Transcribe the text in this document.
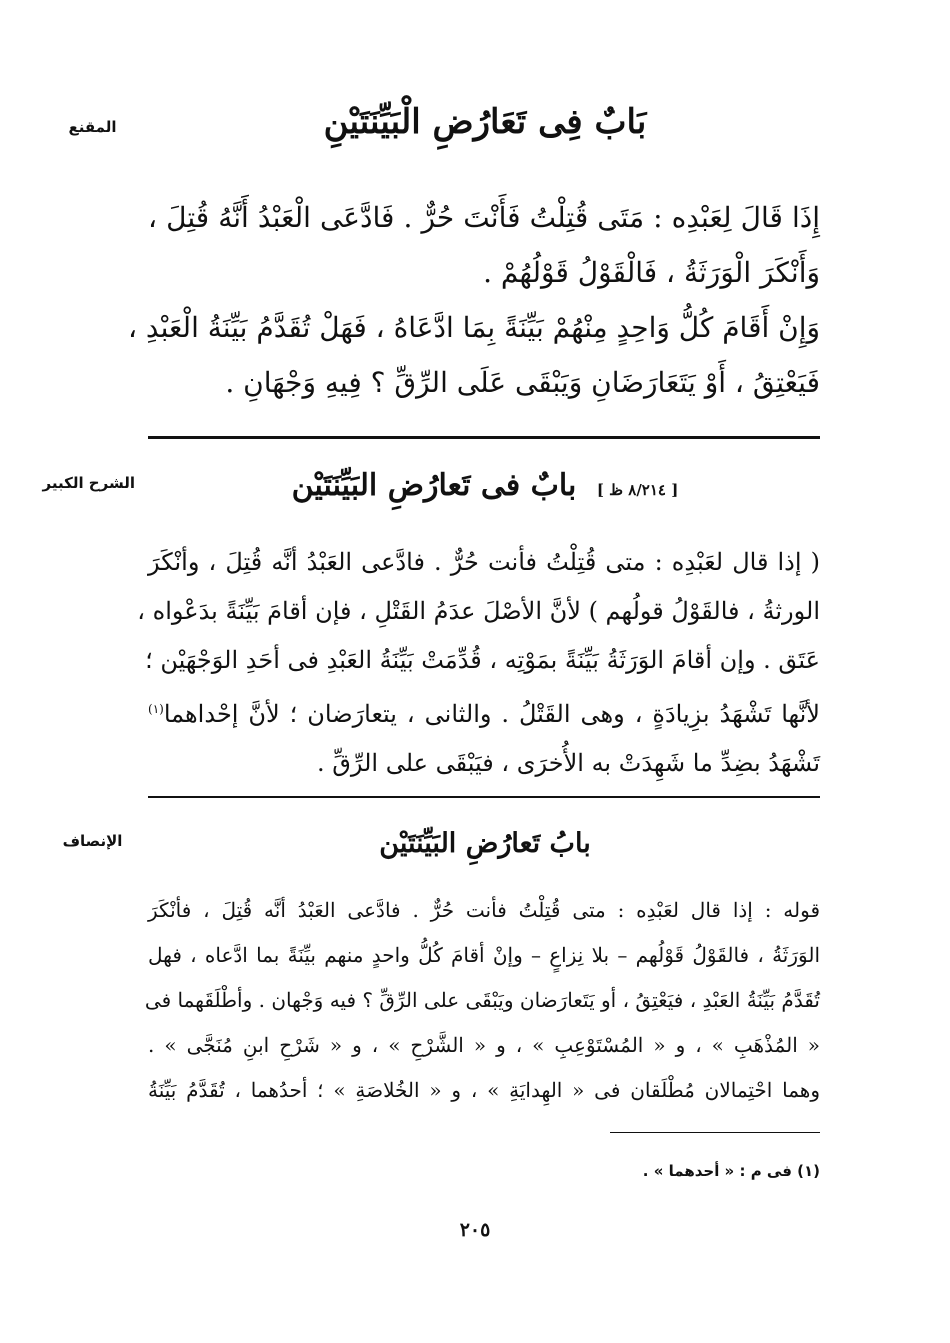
المقنع	بَابٌ فِى تَعَارُضِ الْبَيِّنَتَيْنِ
إِذَا قَالَ لِعَبْدِه : مَتَى قُتِلْتُ فَأَنْتَ حُرٌّ . فَادَّعَى الْعَبْدُ أَنَّهُ قُتِلَ ،
وَأَنْكَرَ الْوَرَثَةُ ، فَالْقَوْلُ قَوْلُهُمْ .
وَإِنْ أَقَامَ كُلُّ وَاحِدٍ مِنْهُمْ بَيِّنَةً بِمَا ادَّعَاهُ ، فَهَلْ تُقَدَّمُ بَيِّنَةُ الْعَبْدِ ،
فَيَعْتِقُ ، أَوْ يَتَعَارَضَانِ وَيَبْقَى عَلَى الرِّقِّ ؟ فِيهِ وَجْهَانِ .
الشرح الكبير	[ ٨/٢١٤ ظ ] بابٌ فى تَعارُضِ البَيِّنَتَيْن
( إذا قال لعَبْدِه : متى قُتِلْتُ فأنت حُرٌّ . فادَّعى العَبْدُ أنَّه قُتِلَ ، وأنْكَرَ
الورثةُ ، فالقَوْلُ قولُهم ) لأنَّ الأصْلَ عدَمُ القَتْلِ ، فإن أقامَ بَيِّنَةً بدَعْواه ،
عَتَق . وإن أقامَ الوَرَثَةُ بَيِّنَةً بمَوْتِه ، قُدِّمَتْ بَيِّنَةُ العَبْدِ فى أحَدِ الوَجْهَيْن ؛
لأنَّها تَشْهَدُ بزِيادَةٍ ، وهى القَتْلُ . والثانى ، يتعارَضان ؛ لأنَّ إحْداهما$^{(١)}$
تَشْهَدُ بضِدِّ ما شَهِدَتْ به الأُخرَى ، فيَبْقَى على الرِّقِّ .
الإنصاف	بابُ تَعارُضِ البَيِّنَتَيْن
قوله : إذا قال لعَبْدِه : متى قُتِلْتُ فأنت حُرٌّ . فادَّعى العَبْدُ أنَّه قُتِلَ ، فأنْكَرَ
الوَرَثَةُ ، فالقَوْلُ قَوْلُهم – بلا نِزاعٍ – وإنْ أقامَ كُلُّ واحدٍ منهم بيِّنَةً بما ادَّعاه ، فهل
تُقَدَّمُ بَيِّنَةُ العَبْدِ ، فيَعْتِقُ ، أو يَتَعارَضان ويَبْقَى على الرِّقِّ ؟ فيه وَجْهان . وأطْلَقَهما فى
« المُذْهَبِ » ، و « المُسْتَوْعِبِ » ، و « الشَّرْحِ » ، و « شَرْحِ ابنِ مُنَجَّى » .
وهما احْتِمالان مُطْلَقان فى « الهِدايَةِ » ، و « الخُلاصَةِ » ؛ أحدُهما ، تُقَدَّمُ بَيِّنَةُ
(١) فى م : « أحدهما » .
٢٠٥
